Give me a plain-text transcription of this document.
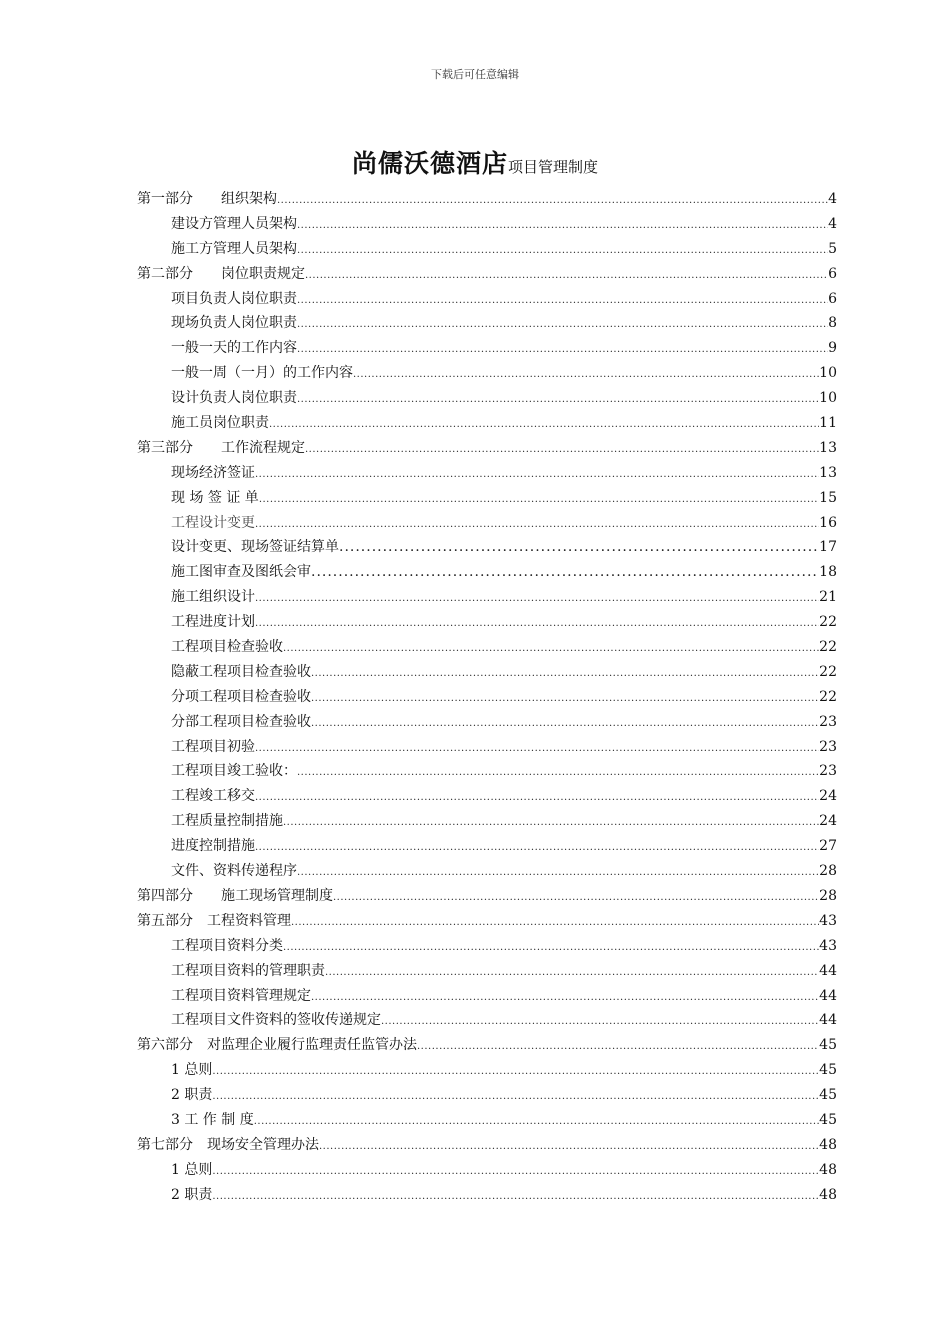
下载后可任意编辑
尚儒沃德酒店项目管理制度
第一部分　　组织架构 .....	4
建设方管理人员架构 .....	4
施工方管理人员架构 .....	5
第二部分　　岗位职责规定 .....	6
项目负责人岗位职责 .....	6
现场负责人岗位职责 .....	8
一般一天的工作内容 .....	9
一般一周（一月）的工作内容 .....	10
设计负责人岗位职责 .....	10
施工员岗位职责 .....	11
第三部分　　工作流程规定 .....	13
现场经济签证 .....	13
现 场 签 证 单 .....	15
工程设计变更 .....	16
设计变更、现场签证结算单 .....	17
施工图审查及图纸会审 .....	18
施工组织设计 .....	21
工程进度计划 .....	22
工程项目检查验收 .....	22
隐蔽工程项目检查验收 .....	22
分项工程项目检查验收 .....	22
分部工程项目检查验收 .....	23
工程项目初验 .....	23
工程项目竣工验收： .....	23
工程竣工移交 .....	24
工程质量控制措施 .....	24
进度控制措施 .....	27
文件、资料传递程序 .....	28
第四部分　　施工现场管理制度 .....	28
第五部分　工程资料管理 .....	43
工程项目资料分类 .....	43
工程项目资料的管理职责 .....	44
工程项目资料管理规定 .....	44
工程项目文件资料的签收传递规定 .....	44
第六部分　对监理企业履行监理责任监管办法 .....	45
1 总则 .....	45
2 职责 .....	45
3 工 作 制 度 .....	45
第七部分　现场安全管理办法 .....	48
1 总则 .....	48
2 职责 .....	48
